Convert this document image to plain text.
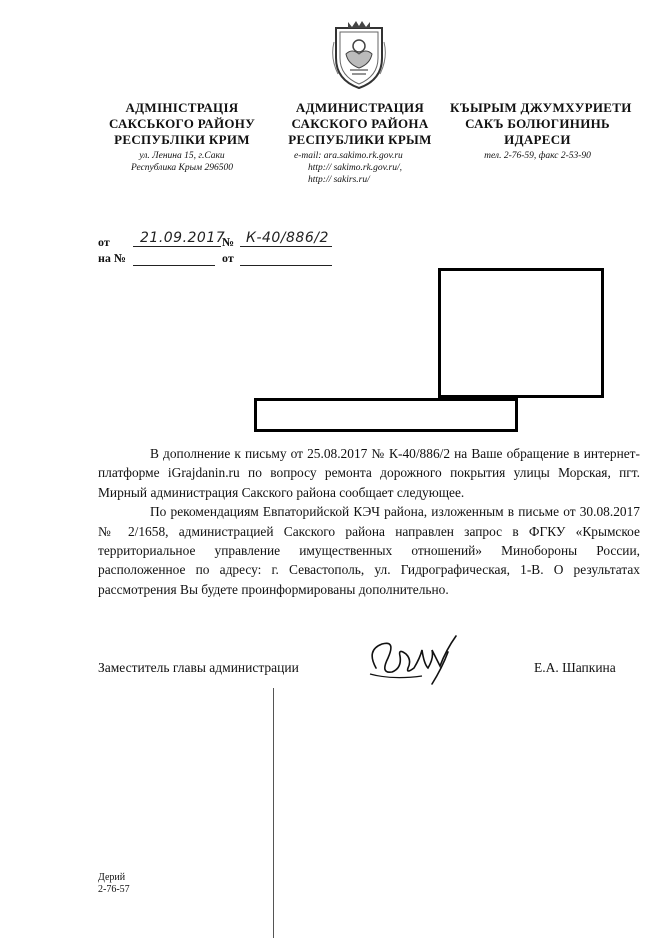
АДМІНІСТРАЦІЯ
САКСЬКОГО РАЙОНУ
РЕСПУБЛІКИ КРИМ
ул. Ленина 15, г.Саки
Республика Крым 296500
АДМИНИСТРАЦИЯ
САКСКОГО РАЙОНА
РЕСПУБЛИКИ КРЫМ
e-mail: ara.sakimo.rk.gov.ru
http:// sakimo.rk.gov.ru/,
http:// sakirs.ru/
КЪЫРЫМ ДЖУМХУРИЕТИ
САКЪ БОЛЮГИНИНЬ
ИДАРЕСИ
тел. 2-76-59, факс 2-53-90
от 21.09.2017
№ К-40/886/2
на №	от

В дополнение к письму от 25.08.2017 № К-40/886/2 на Ваше обращение в интернет-платформе iGrajdanin.ru по вопросу ремонта дорожного покрытия улицы Морская, пгт. Мирный администрация Сакского района сообщает следующее.

По рекомендациям Евпаторийской КЭЧ района, изложенным в письме от 30.08.2017 № 2/1658, администрацией Сакского района направлен запрос в ФГКУ «Крымское территориальное управление имущественных отношений» Минобороны России, расположенное по адресу: г. Севастополь, ул. Гидрографическая, 1-В. О результатах рассмотрения Вы будете проинформированы дополнительно.

Заместитель главы администрации	Е.А. Шапкина
Дерий
2-76-57
